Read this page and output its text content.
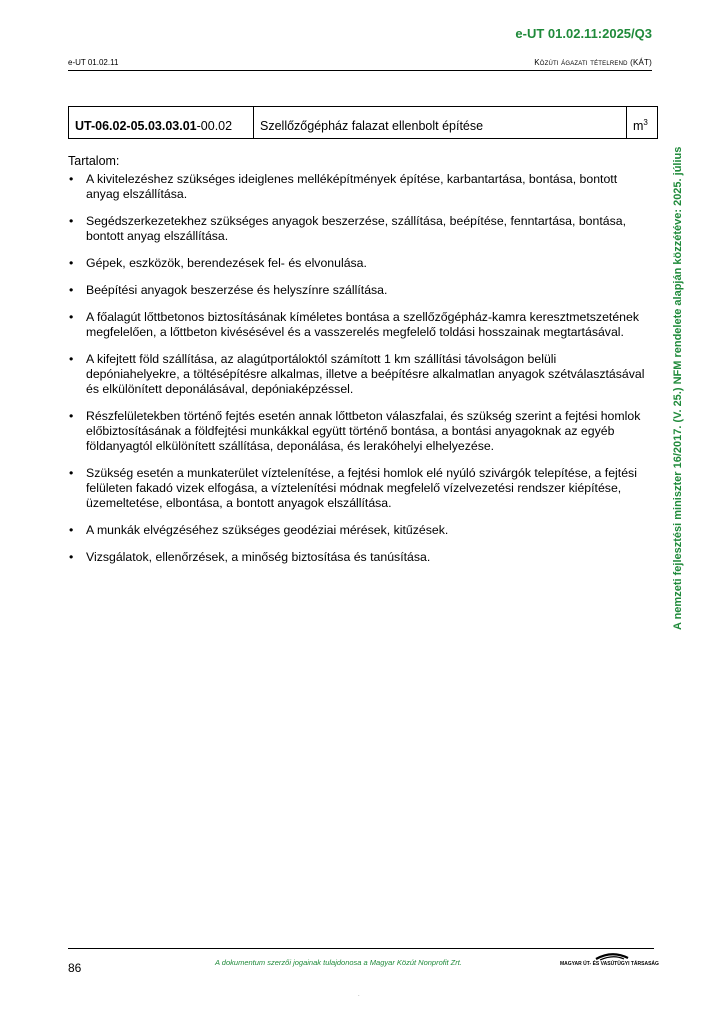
e-UT 01.02.11:2025/Q3
e-UT 01.02.11	Közúti ágazati tételrend (KÁT)
UT-06.02-05.03.03.01-00.02	Szellőzőgépház falazat ellenbolt építése	$m^3$
Tartalom:
• A kivitelezéshez szükséges ideiglenes melléképítmények építése, karbantartása, bontása, bontott anyag elszállítása.
• Segédszerkezetekhez szükséges anyagok beszerzése, szállítása, beépítése, fenntartása, bontása, bontott anyag elszállítása.
• Gépek, eszközök, berendezések fel- és elvonulása.
• Beépítési anyagok beszerzése és helyszínre szállítása.
• A főalagút lőttbetonos biztosításának kíméletes bontása a szellőzőgépház-kamra keresztmetszetének megfelelően, a lőttbeton kivésésével és a vasszerelés megfelelő toldási hosszainak megtartásával.
• A kifejtett föld szállítása, az alagútportáloktól számított 1 km szállítási távolságon belüli depóniahelyekre, a töltésépítésre alkalmas, illetve a beépítésre alkalmatlan anyagok szétválasztásával és elkülönített deponálásával, depóniaképzéssel.
• Részfelületekben történő fejtés esetén annak lőttbeton válaszfalai, és szükség szerint a fejtési homlok előbiztosításának a földfejtési munkákkal együtt történő bontása, a bontási anyagoknak az egyéb földanyagtól elkülönített szállítása, deponálása, és lerakóhelyi elhelyezése.
• Szükség esetén a munkaterület víztelenítése, a fejtési homlok elé nyúló szivárgók telepítése, a fejtési felületen fakadó vizek elfogása, a víztelenítési módnak megfelelő vízelvezetési rendszer kiépítése, üzemeltetése, elbontása, a bontott anyagok elszállítása.
• A munkák elvégzéséhez szükséges geodéziai mérések, kitűzések.
• Vizsgálatok, ellenőrzések, a minőség biztosítása és tanúsítása.	A nemzeti fejlesztési miniszter 16/2017. (V. 25.) NFM rendelete alapján közzétéve: 2025. július
86	A dokumentum szerzői jogainak tulajdonosa a Magyar Közút Nonprofit Zrt.	MAGYAR ÚT- ÉS VASÚTÜGYI TÁRSASÁG
.
